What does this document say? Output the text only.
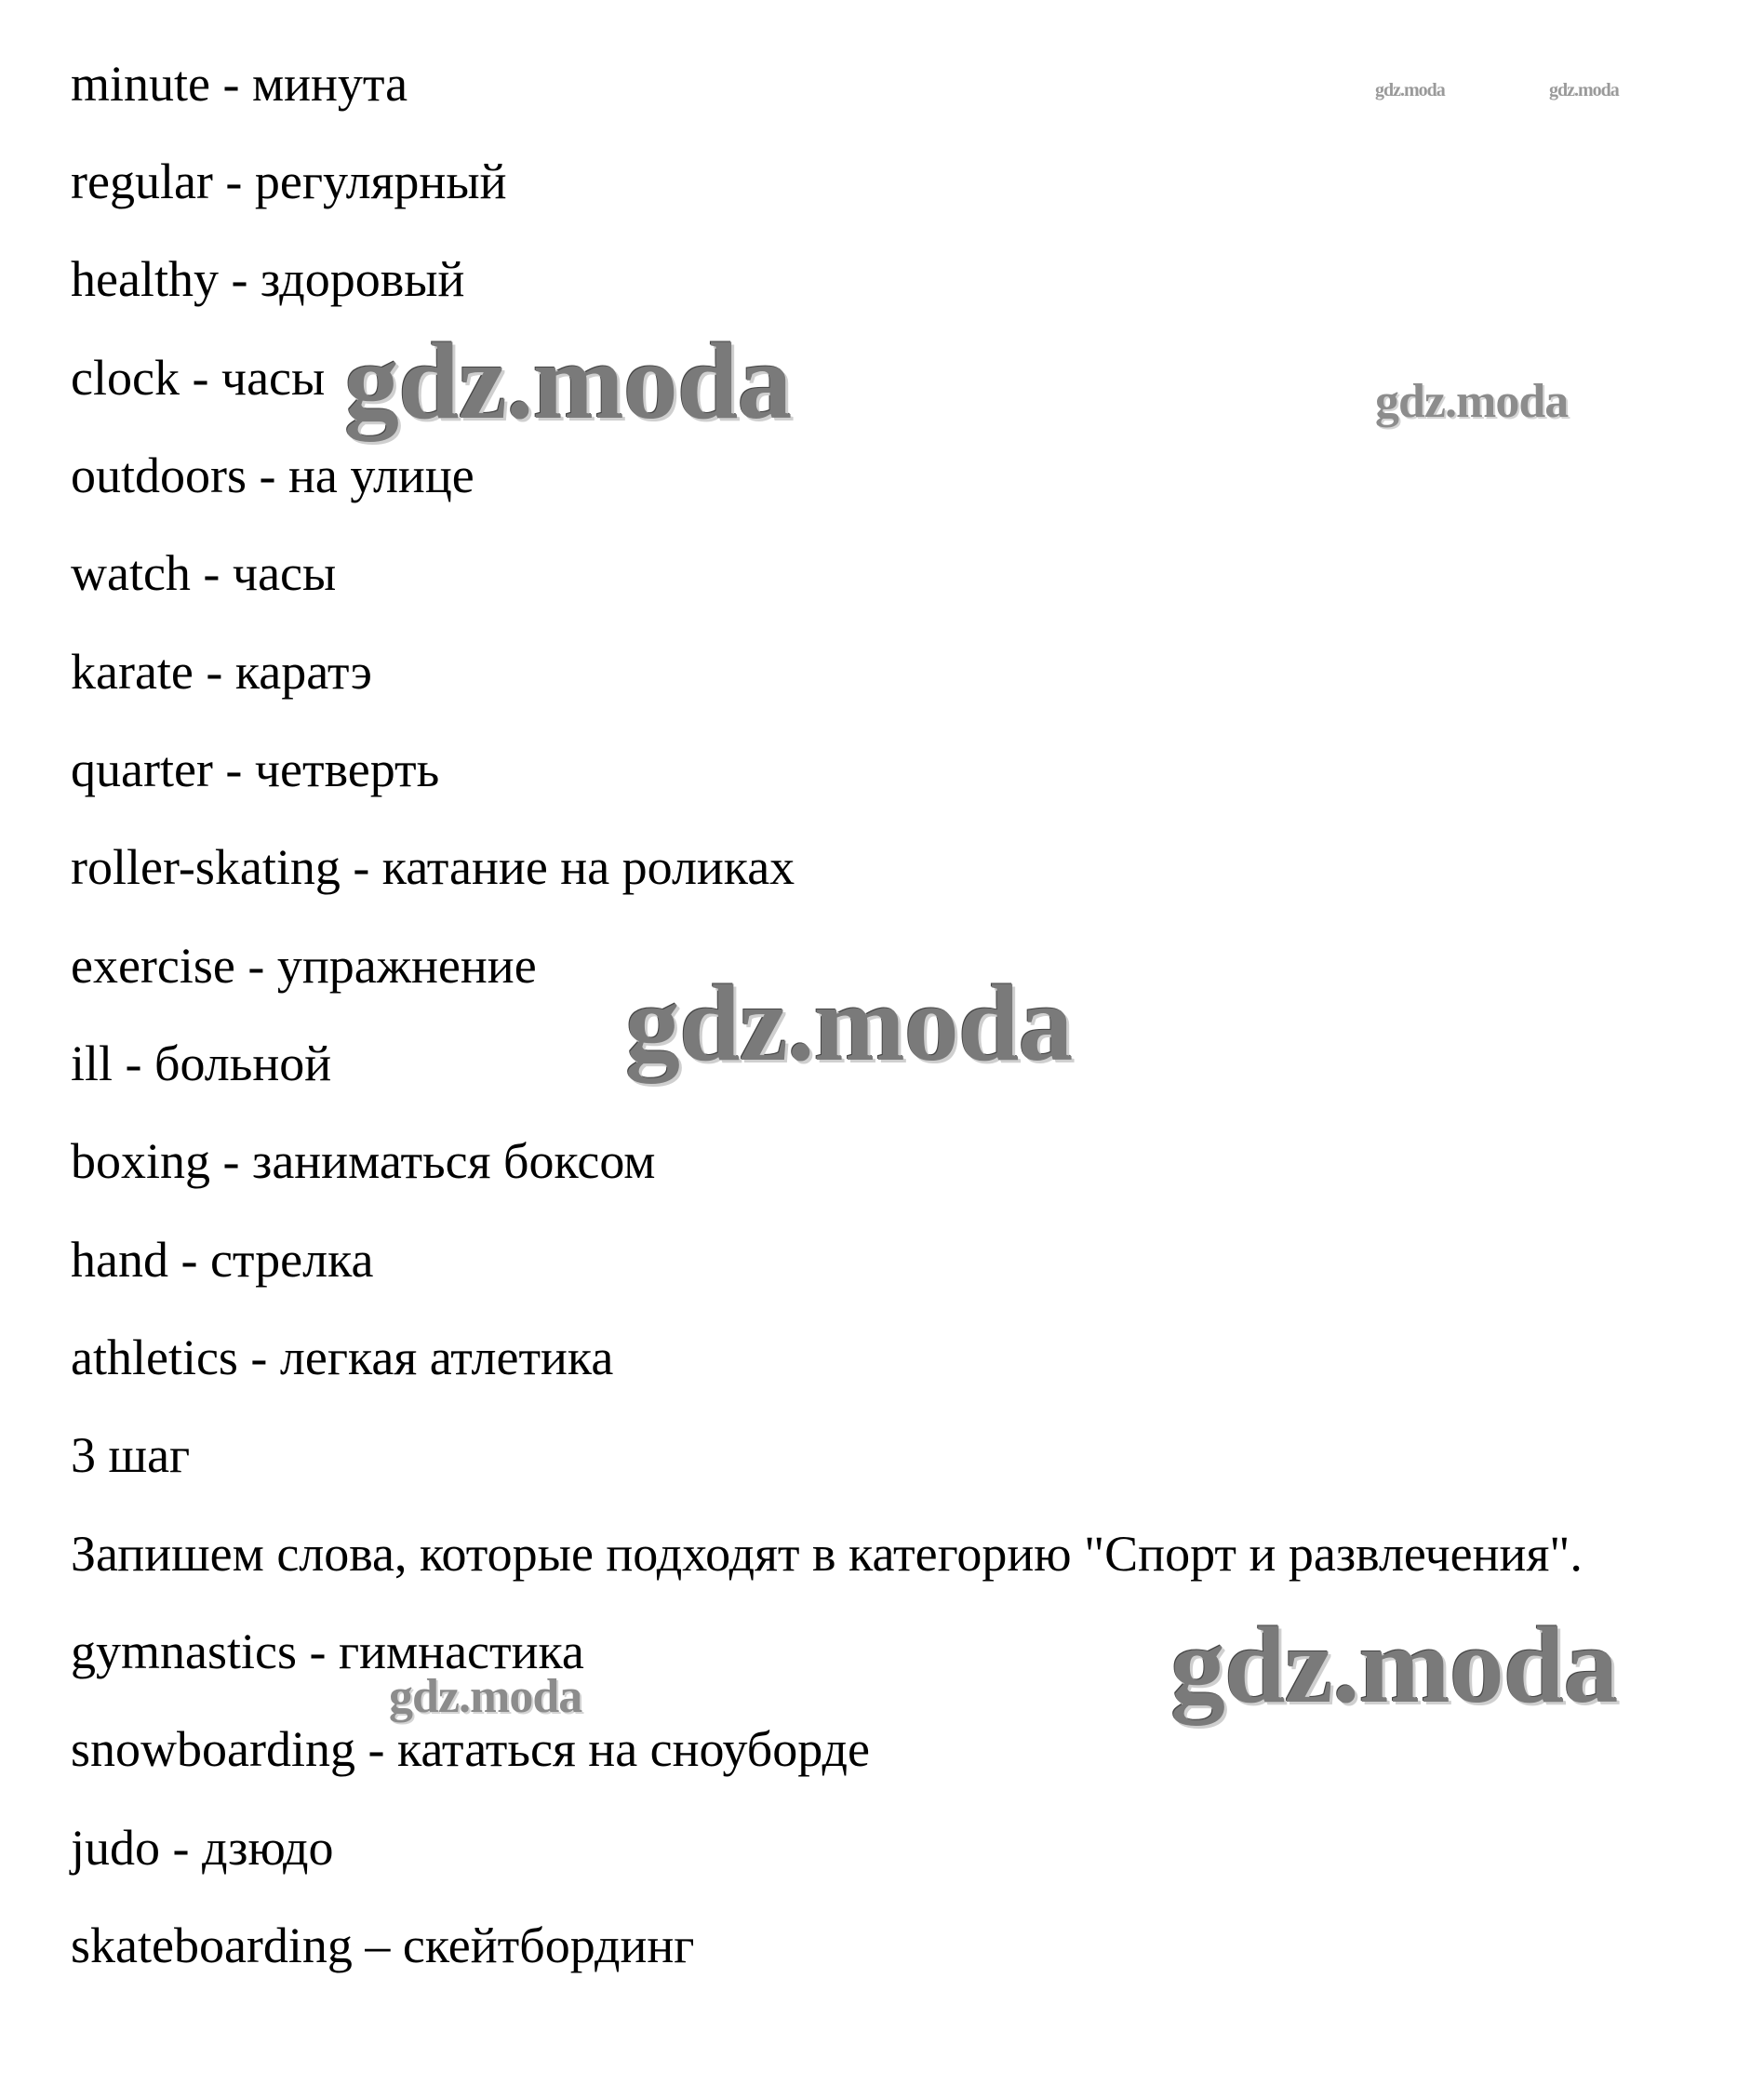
minute - минута
regular - регулярный
healthy - здоровый
clock - часы
outdoors - на улице
watch - часы
karate - каратэ
quarter - четверть
roller-skating - катание на роликах
exercise - упражнение
ill - больной
boxing - заниматься боксом
hand - стрелка
athletics - легкая атлетика
3 шаг
Запишем слова, которые подходят в категорию "Спорт и развлечения".
gymnastics - гимнастика
snowboarding - кататься на сноуборде
judo - дзюдо
skateboarding – скейтбординг
gdz.moda	gdz.moda
gdz.moda	gdz.moda
gdz.moda
gdz.moda
gdz.moda
